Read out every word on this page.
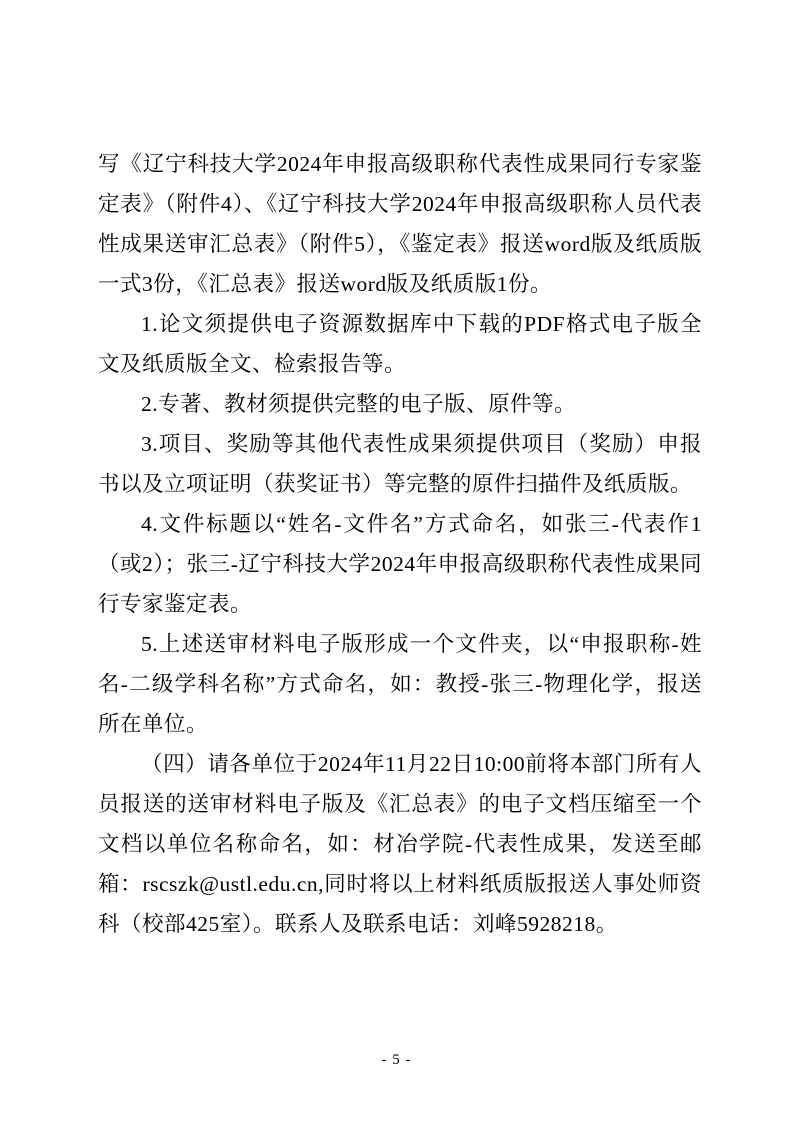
写《辽宁科技大学2024年申报高级职称代表性成果同行专家鉴定表》（附件4）、《辽宁科技大学2024年申报高级职称人员代表性成果送审汇总表》（附件5），《鉴定表》报送word版及纸质版一式3份，《汇总表》报送word版及纸质版1份。

1.论文须提供电子资源数据库中下载的PDF格式电子版全文及纸质版全文、检索报告等。

2.专著、教材须提供完整的电子版、原件等。

3.项目、奖励等其他代表性成果须提供项目（奖励）申报书以及立项证明（获奖证书）等完整的原件扫描件及纸质版。

4.文件标题以“姓名-文件名”方式命名，如张三-代表作1（或2）；张三-辽宁科技大学2024年申报高级职称代表性成果同行专家鉴定表。

5.上述送审材料电子版形成一个文件夹，以“申报职称-姓名-二级学科名称”方式命名，如：教授-张三-物理化学，报送所在单位。

（四）请各单位于2024年11月22日10:00前将本部门所有人员报送的送审材料电子版及《汇总表》的电子文档压缩至一个文档以单位名称命名，如：材冶学院-代表性成果，发送至邮箱：rscszk@ustl.edu.cn,同时将以上材料纸质版报送人事处师资科（校部425室）。联系人及联系电话：刘峰5928218。

- 5 -
